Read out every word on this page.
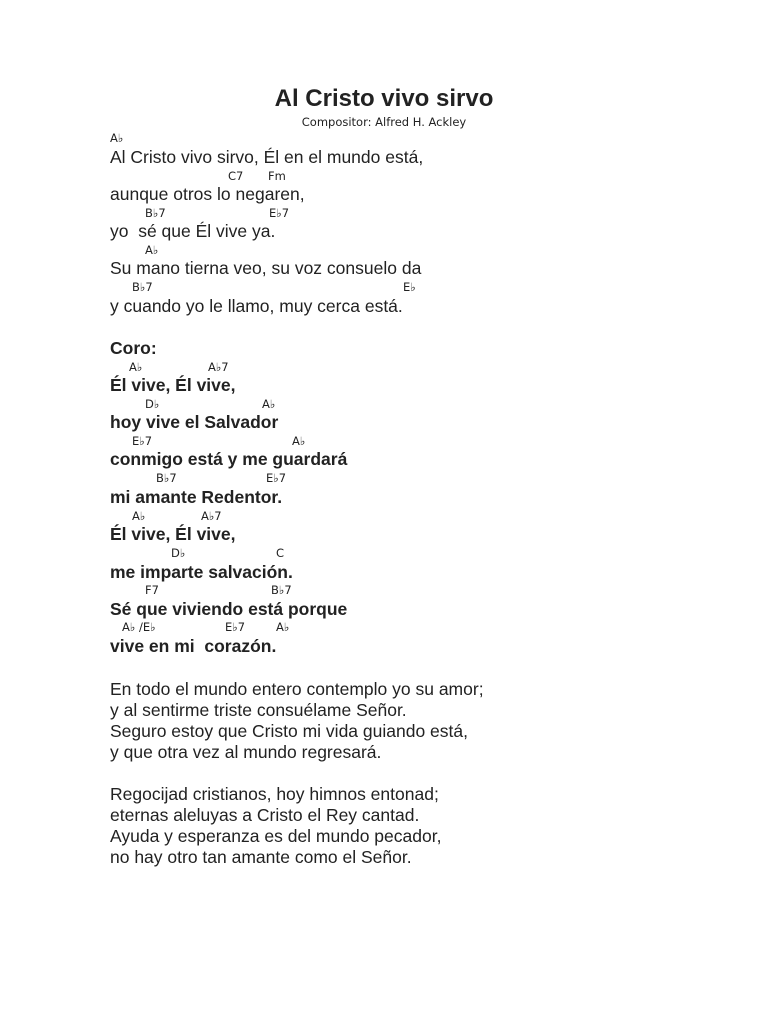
Al Cristo vivo sirvo
Compositor: Alfred H. Ackley
A♭
Al Cristo vivo sirvo, Él en el mundo está,
C7 Fm
aunque otros lo negaren,
B♭7	E♭7
yo  sé que Él vive ya.
A♭
Su mano tierna veo, su voz consuelo da
B♭7	E♭
y cuando yo le llamo, muy cerca está.
Coro:
A♭	A♭7
Él vive, Él vive,
D♭	A♭
hoy vive el Salvador
E♭7	A♭
conmigo está y me guardará
B♭7	E♭7
mi amante Redentor.
A♭	A♭7
Él vive, Él vive,
D♭	C
me imparte salvación.
F7	B♭7
Sé que viviendo está porque
A♭ /E♭	E♭7	A♭
vive en mi  corazón.
En todo el mundo entero contemplo yo su amor;
y al sentirme triste consuélame Señor.
Seguro estoy que Cristo mi vida guiando está,
y que otra vez al mundo regresará.
Regocijad cristianos, hoy himnos entonad;
eternas aleluyas a Cristo el Rey cantad.
Ayuda y esperanza es del mundo pecador,
no hay otro tan amante como el Señor.
